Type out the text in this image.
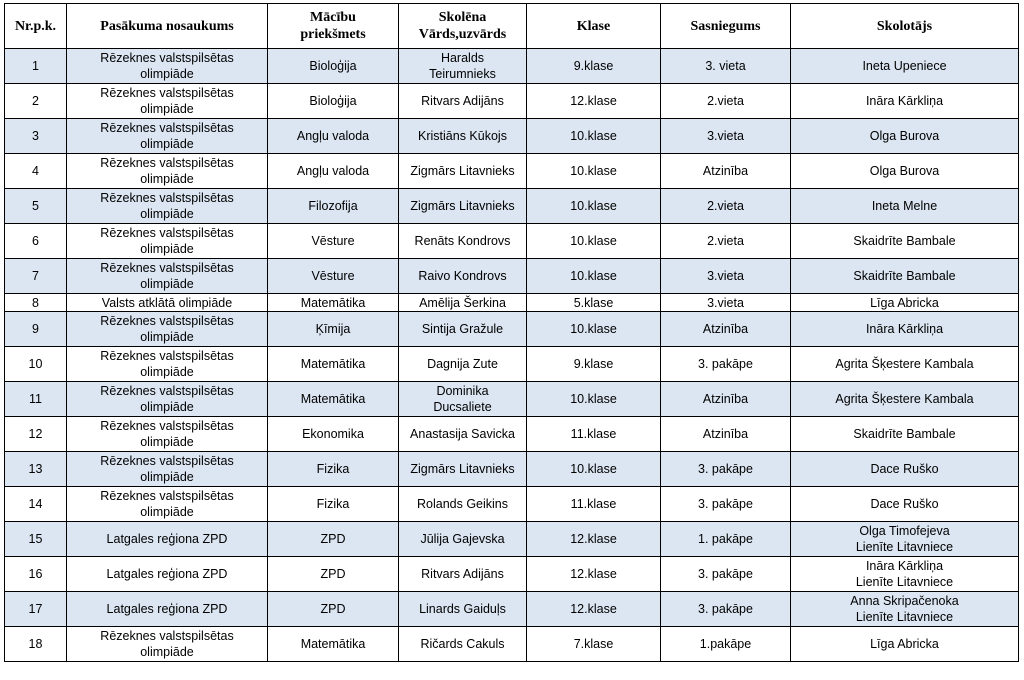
Nr.p.k.	Pasākuma nosaukums	Mācību
priekšmets	Skolēna
Vārds,uzvārds	Klase	Sasniegums	Skolotājs
1	Rēzeknes valstspilsētas
olimpiāde	Bioloģija	Haralds
Teirumnieks	9.klase	3. vieta	Ineta Upeniece
2	Rēzeknes valstspilsētas
olimpiāde	Bioloģija	Ritvars Adijāns	12.klase	2.vieta	Ināra Kārkliņa
3	Rēzeknes valstspilsētas
olimpiāde	Angļu valoda	Kristiāns Kūkojs	10.klase	3.vieta	Olga Burova
4	Rēzeknes valstspilsētas
olimpiāde	Angļu valoda	Zigmārs Litavnieks	10.klase	Atzinība	Olga Burova
5	Rēzeknes valstspilsētas
olimpiāde	Filozofija	Zigmārs Litavnieks	10.klase	2.vieta	Ineta Melne
6	Rēzeknes valstspilsētas
olimpiāde	Vēsture	Renāts Kondrovs	10.klase	2.vieta	Skaidrīte Bambale
7	Rēzeknes valstspilsētas
olimpiāde	Vēsture	Raivo Kondrovs	10.klase	3.vieta	Skaidrīte Bambale
8	Valsts atklātā olimpiāde	Matemātika	Amēlija Šerkina	5.klase	3.vieta	Līga Abricka
9	Rēzeknes valstspilsētas
olimpiāde	Ķīmija	Sintija Gražule	10.klase	Atzinība	Ināra Kārkliņa
10	Rēzeknes valstspilsētas
olimpiāde	Matemātika	Dagnija Zute	9.klase	3. pakāpe	Agrita Šķestere Kambala
11	Rēzeknes valstspilsētas
olimpiāde	Matemātika	Dominika
Ducsaliete	10.klase	Atzinība	Agrita Šķestere Kambala
12	Rēzeknes valstspilsētas
olimpiāde	Ekonomika	Anastasija Savicka	11.klase	Atzinība	Skaidrīte Bambale
13	Rēzeknes valstspilsētas
olimpiāde	Fizika	Zigmārs Litavnieks	10.klase	3. pakāpe	Dace Ruško
14	Rēzeknes valstspilsētas
olimpiāde	Fizika	Rolands Geikins	11.klase	3. pakāpe	Dace Ruško
15	Latgales reģiona ZPD	ZPD	Jūlija Gajevska	12.klase	1. pakāpe	Olga Timofejeva
Lienīte Litavniece
16	Latgales reģiona ZPD	ZPD	Ritvars Adijāns	12.klase	3. pakāpe	Ināra Kārkliņa
Lienīte Litavniece
17	Latgales reģiona ZPD	ZPD	Linards Gaiduļs	12.klase	3. pakāpe	Anna Skripačenoka
Lienīte Litavniece
18	Rēzeknes valstspilsētas
olimpiāde	Matemātika	Ričards Cakuls	7.klase	1.pakāpe	Līga Abricka
